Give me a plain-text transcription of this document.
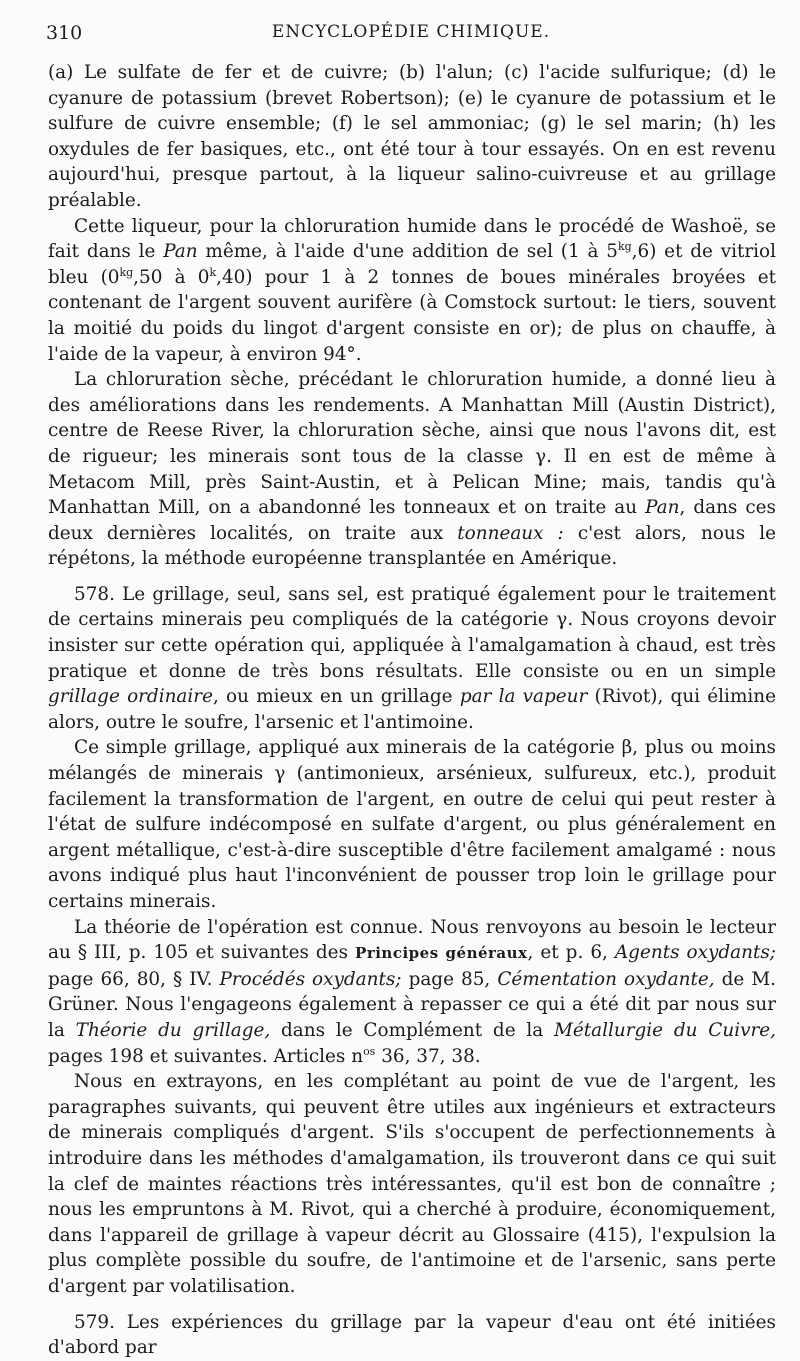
310	ENCYCLOPÉDIE CHIMIQUE.

(a) Le sulfate de fer et de cuivre; (b) l'alun; (c) l'acide sulfurique; (d) le cyanure de potassium (brevet Robertson); (e) le cyanure de potassium et le sulfure de cuivre ensemble; (f) le sel ammoniac; (g) le sel marin; (h) les oxydules de fer basiques, etc., ont été tour à tour essayés. On en est revenu aujourd'hui, presque partout, à la liqueur salino-cuivreuse et au grillage préalable.

Cette liqueur, pour la chloruration humide dans le procédé de Washoë, se fait dans le Pan même, à l'aide d'une addition de sel (1 à $5^{kg},6$) et de vitriol bleu ($0^{kg},50$ à 0$^k$,40) pour 1 à 2 tonnes de boues minérales broyées et contenant de l'argent souvent aurifère (à Comstock surtout: le tiers, souvent la moitié du poids du lingot d'argent consiste en or); de plus on chauffe, à l'aide de la vapeur, à environ 94°.

La chloruration sèche, précédant le chloruration humide, a donné lieu à des améliorations dans les rendements. A Manhattan Mill (Austin District), centre de Reese River, la chloruration sèche, ainsi que nous l'avons dit, est de rigueur; les minerais sont tous de la classe γ. Il en est de même à Metacom Mill, près Saint-Austin, et à Pelican Mine; mais, tandis qu'à Manhattan Mill, on a abandonné les tonneaux et on traite au Pan, dans ces deux dernières localités, on traite aux tonneaux : c'est alors, nous le répétons, la méthode européenne transplantée en Amérique.

578. Le grillage, seul, sans sel, est pratiqué également pour le traitement de certains minerais peu compliqués de la catégorie γ. Nous croyons devoir insister sur cette opération qui, appliquée à l'amalgamation à chaud, est très pratique et donne de très bons résultats. Elle consiste ou en un simple grillage ordinaire, ou mieux en un grillage par la vapeur (Rivot), qui élimine alors, outre le soufre, l'arsenic et l'antimoine.

Ce simple grillage, appliqué aux minerais de la catégorie β, plus ou moins mélangés de minerais γ (antimonieux, arsénieux, sulfureux, etc.), produit facilement la transformation de l'argent, en outre de celui qui peut rester à l'état de sulfure indécomposé en sulfate d'argent, ou plus généralement en argent métallique, c'est-à-dire susceptible d'être facilement amalgamé : nous avons indiqué plus haut l'inconvénient de pousser trop loin le grillage pour certains minerais.

La théorie de l'opération est connue. Nous renvoyons au besoin le lecteur au § III, p. 105 et suivantes des Principes généraux, et p. 6, Agents oxydants; page 66, 80, § IV. Procédés oxydants; page 85, Cémentation oxydante, de M. Grüner. Nous l'engageons également à repasser ce qui a été dit par nous sur la Théorie du grillage, dans le Complément de la Métallurgie du Cuivre, pages 198 et suivantes. Articles $n^{os}$ 36, 37, 38.

Nous en extrayons, en les complétant au point de vue de l'argent, les paragraphes suivants, qui peuvent être utiles aux ingénieurs et extracteurs de minerais compliqués d'argent. S'ils s'occupent de perfectionnements à introduire dans les méthodes d'amalgamation, ils trouveront dans ce qui suit la clef de maintes réactions très intéressantes, qu'il est bon de connaître ; nous les empruntons à M. Rivot, qui a cherché à produire, économiquement, dans l'appareil de grillage à vapeur décrit au Glossaire (415), l'expulsion la plus complète possible du soufre, de l'antimoine et de l'arsenic, sans perte d'argent par volatilisation.

579. Les expériences du grillage par la vapeur d'eau ont été initiées d'abord par
